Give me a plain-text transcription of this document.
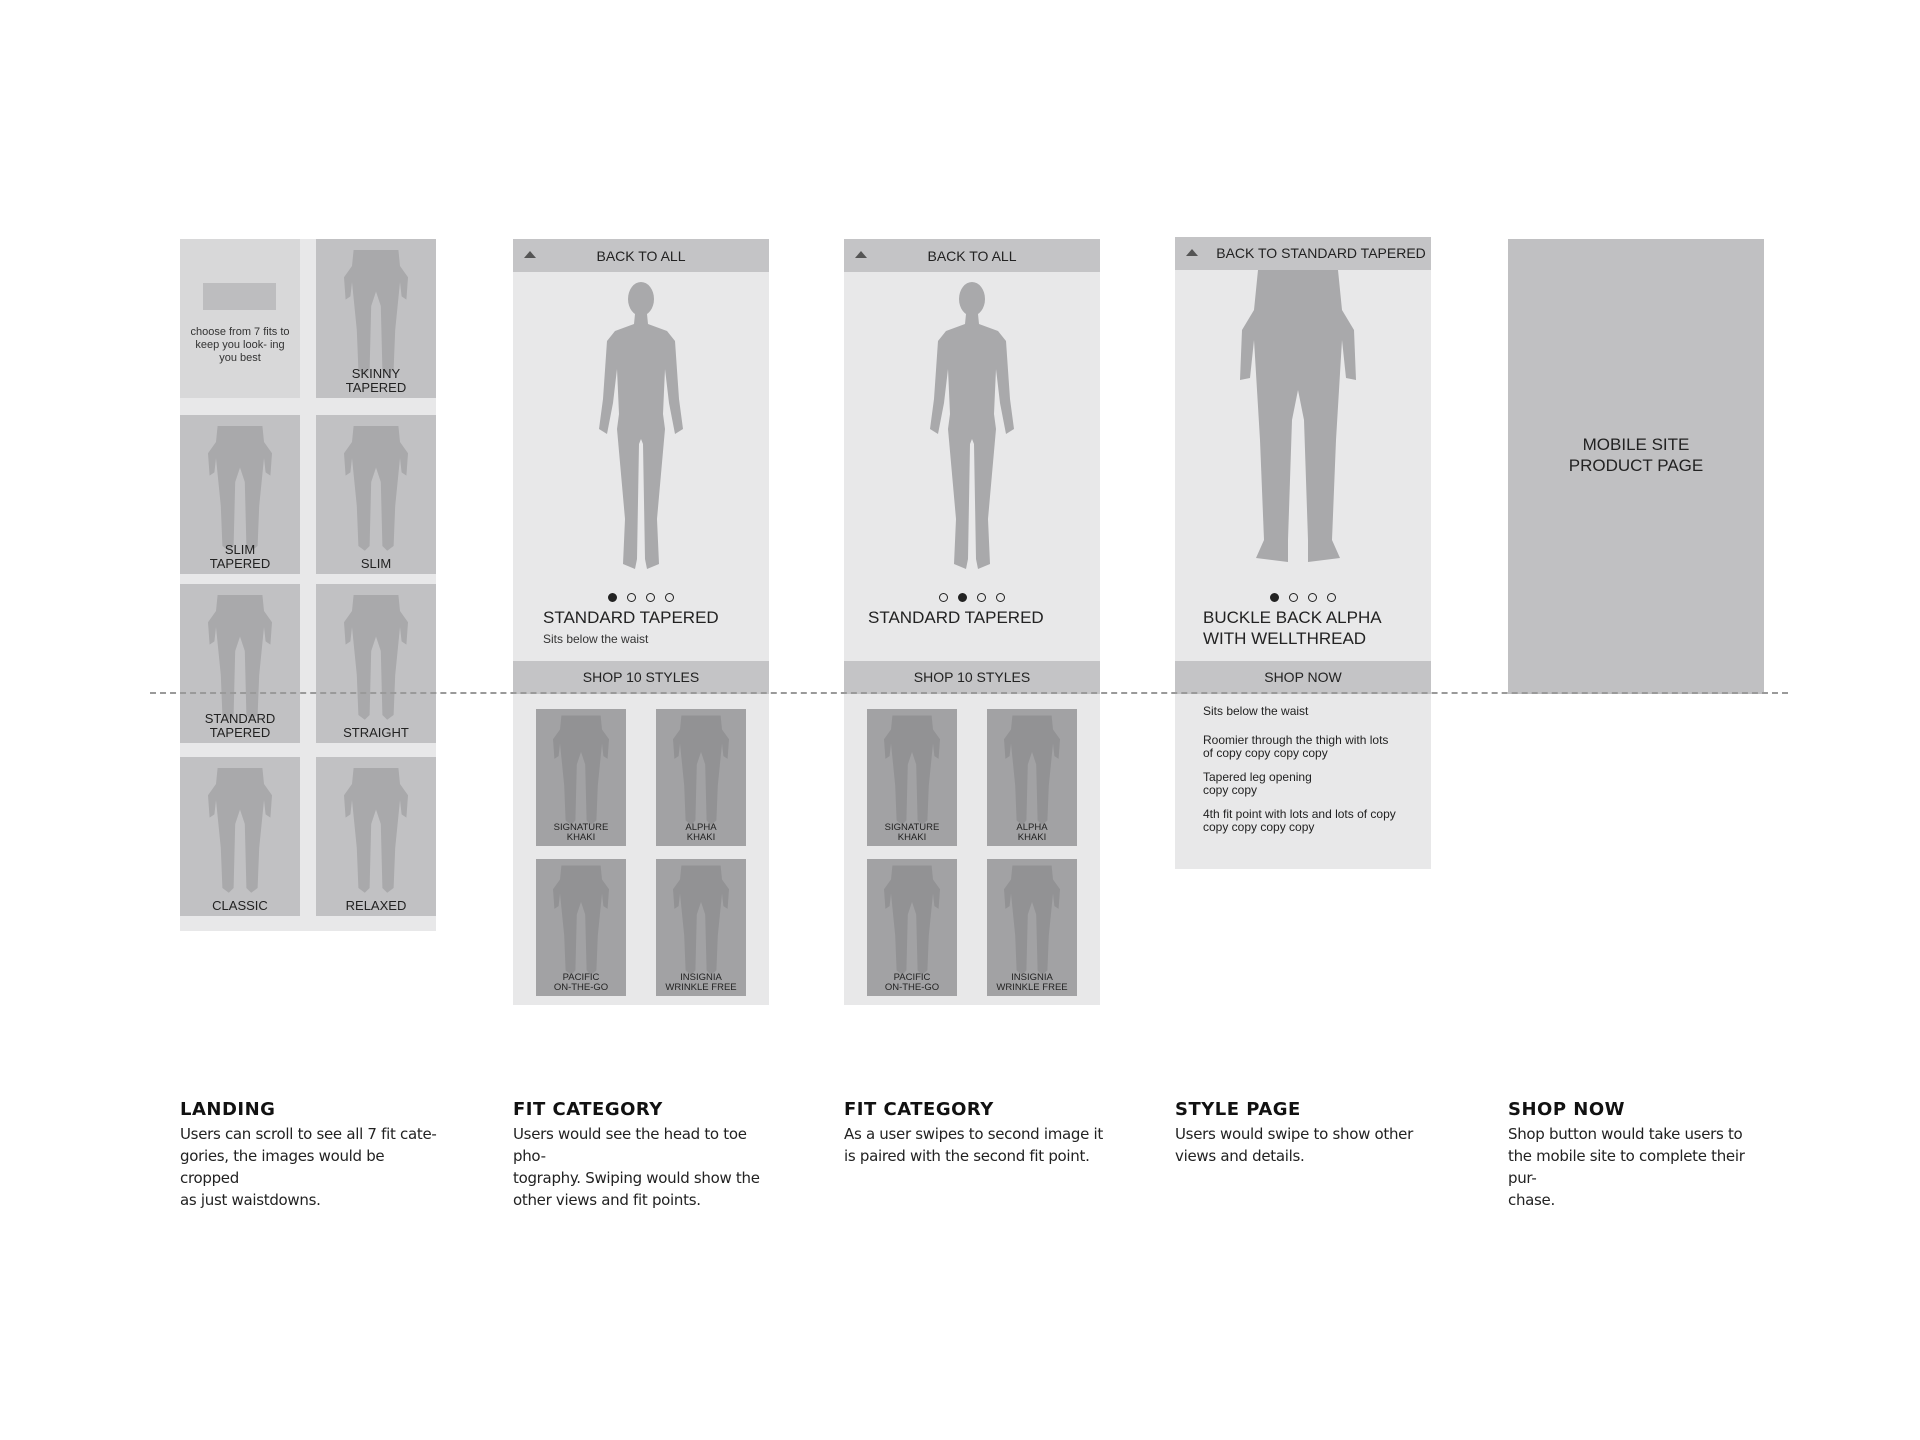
choose from 7 fits to keep you look- ing you best
SKINNY
TAPERED
SLIM
TAPERED	SLIM
STANDARD
TAPERED	STRAIGHT
CLASSIC	RELAXED
BACK TO ALL
STANDARD TAPERED
Sits below the waist
SHOP 10 STYLES
SIGNATURE
KHAKI
ALPHA
KHAKI
PACIFIC
ON-THE-GO
INSIGNIA
WRINKLE FREE
BACK TO ALL
STANDARD TAPERED
SHOP 10 STYLES
SIGNATURE
KHAKI
ALPHA
KHAKI
PACIFIC
ON-THE-GO
INSIGNIA
WRINKLE FREE
BACK TO STANDARD TAPERED
BUCKLE BACK ALPHA
WITH WELLTHREAD
SHOP NOW
Sits below the waist
Roomier through the thigh with lots
of copy copy copy copy
Tapered leg opening
copy copy
4th fit point with lots and lots of copy
copy copy copy copy
MOBILE SITE
PRODUCT PAGE
LANDING
Users can scroll to see all 7 fit cate-
gories, the images would be cropped
as just waistdowns.
FIT CATEGORY
Users would see the head to toe pho-
tography. Swiping would show the
other views and fit points.
FIT CATEGORY
As a user swipes to second image it
is paired with the second fit point.
STYLE PAGE
Users would swipe to show other
views and details.
SHOP NOW
Shop button would take users to
the mobile site to complete their pur-
chase.
